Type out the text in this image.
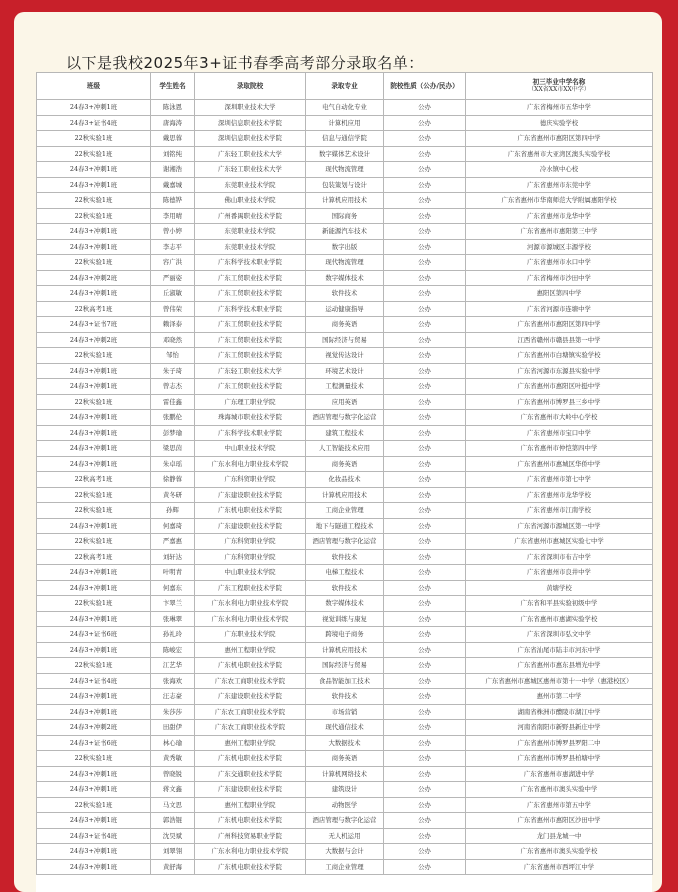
以下是我校2025年3+证书春季高考部分录取名单：
班级	学生姓名	录取院校	录取专业	院校性质（公办/民办）	初三毕业中学名称
（XX省XX市XX中学）

24春3+冲刺1班	陈泳恩	深圳职业技术大学	电气自动化专业	公办	广东省梅州市五华中学
24春3+证书4班	唐海涛	深圳信息职业技术学院	计算机应用	公办	德庆实验学校
22秋实验1班	戴思蓉	深圳信息职业技术学院	信息与通信学院	公办	广东省惠州市惠阳区第四中学
22秋实验1班	刘铭纯	广东轻工职业技术大学	数字媒体艺术设计	公办	广东省惠州市大亚湾区澳头实验学校
24春3+冲刺1班	谢湘浩	广东轻工职业技术大学	现代物流管理	公办	冷水镇中心校
24春3+冲刺1班	戴嘉城	东莞职业技术学院	包装策划与设计	公办	广东省惠州市东莞中学
22秋实验1班	陈德铧	佛山职业技术学院	计算机应用技术	公办	广东省惠州市华南师范大学附属惠阳学校
22秋实验1班	李用晴	广州番禺职业技术学院	国际商务	公办	广东省惠州市龙华中学
24春3+冲刺1班	曾小婷	东莞职业技术学院	新能源汽车技术	公办	广东省惠州市惠阳第三中学
24春3+冲刺1班	李志平	东莞职业技术学院	数字出版	公办	河源市源城区丰源学校
22秋实验1班	容广洪	广东科学技术职业学院	现代物流管理	公办	广东省惠州市水口中学
24春3+冲刺2班	严丽姿	广东工贸职业技术学院	数字媒体技术	公办	广东省梅州市沙田中学
24春3+冲刺1班	丘淑敏	广东工贸职业技术学院	软件技术	公办	惠阳区第四中学
22秋高考1班	曾伟荣	广东科学技术职业学院	运动健康指导	公办	广东省河源市连塘中学
24春3+证书7班	赖泽泰	广东工贸职业技术学院	商务英语	公办	广东省惠州市惠阳区第四中学
24春3+冲刺2班	邓晓然	广东工贸职业技术学院	国际经济与贸易	公办	江西省赣州市赣县县第一中学
22秋实验1班	邹怡	广东工贸职业技术学院	视觉传达设计	公办	广东省惠州市白塘镇实验学校
24春3+冲刺1班	朱子琦	广东轻工职业技术大学	环境艺术设计	公办	广东省河源市东源县实验中学
24春3+冲刺1班	曾志杰	广东工贸职业技术学院	工程测量技术	公办	广东省惠州市惠阳区叶挺中学
22秋实验1班	雷佳鑫	广东理工职业学院	应用英语	公办	广东省惠州市博罗县三乡中学
24春3+冲刺1班	张鹏伦	珠海城市职业技术学院	酒店管理与数字化运营	公办	广东省惠州市大岭中心学校
24春3+冲刺1班	彭梦瑜	广东科学技术职业学院	建筑工程技术	公办	广东省惠州市宝口中学
24春3+冲刺1班	梁思茵	中山职业技术学院	人工智能技术应用	公办	广东省惠州市仲恺第四中学
24春3+冲刺1班	朱卓瑶	广东水利电力职业技术学院	商务英语	公办	广东省惠州市惠城区华侨中学
22秋高考1班	徐静蓉	广东科贸职业学院	化妆品技术	公办	广东省惠州市第七中学
22秋实验1班	黄冬研	广东建设职业技术学院	计算机应用技术	公办	广东省惠州市龙华学校
22秋实验1班	孙辉	广东机电职业技术学院	工商企业管理	公办	广东省惠州市江南学校
24春3+冲刺1班	何嘉琦	广东建设职业技术学院	地下与隧道工程技术	公办	广东省河源市源城区第一中学
22秋实验1班	严嘉惠	广东科贸职业学院	酒店管理与数字化运营	公办	广东省惠州市惠城区实验七中学
22秋高考1班	刘轩达	广东科贸职业学院	软件技术	公办	广东省深圳市布吉中学
24春3+冲刺1班	叶明青	中山职业技术学院	电梯工程技术	公办	广东省惠州市良井中学
24春3+冲刺1班	何嘉东	广东工程职业技术学院	软件技术	公办	黄塘学校
22秋实验1班	卞翠兰	广东水利电力职业技术学院	数字媒体技术	公办	广东省和平县实验初级中学
24春3+冲刺1班	张琳翠	广东水利电力职业技术学院	视觉训练与康复	公办	广东省惠州市惠湖实验学校
24春3+证书6班	孙礼玲	广东职业技术学院	跨境电子商务	公办	广东省深圳市弘文中学
24春3+冲刺1班	陈峻宏	惠州工程职业学院	计算机应用技术	公办	广东省汕尾市陆丰市河东中学
22秋实验1班	江艺华	广东机电职业技术学院	国际经济与贸易	公办	广东省惠州市惠东县增光中学
24春3+证书4班	张海欢	广东农工商职业技术学院	食品智能加工技术	公办	广东省惠州市惠城区惠州市第十一中学（惠港校区）
24春3+冲刺1班	汪志豪	广东建设职业技术学院	软件技术	公办	惠州市第二中学
24春3+冲刺1班	朱莎莎	广东农工商职业技术学院	市场营销	公办	湖南省株洲市醴陵市湖江中学
24春3+冲刺2班	田甜伊	广东农工商职业技术学院	现代通信技术	公办	河南省南阳市新野县新庄中学
24春3+证书6班	林心瑜	惠州工程职业学院	大数据技术	公办	广东省惠州市博罗县罗阳二中
22秋实验1班	黄秀敏	广东机电职业技术学院	商务英语	公办	广东省惠州市博罗县柏塘中学
24春3+冲刺1班	曾晓锐	广东交通职业技术学院	计算机网络技术	公办	广东省惠州市惠湖进中学
24春3+冲刺1班	蒋文鑫	广东建设职业技术学院	建筑设计	公办	广东省惠州市澳头实验中学
22秋实验1班	马文思	惠州工程职业学院	动物医学	公办	广东省惠州市第五中学
24春3+冲刺1班	郭浩锟	广东机电职业技术学院	酒店管理与数字化运营	公办	广东省惠州市惠阳区沙田中学
24春3+证书4班	沈昊斌	广州科技贸易职业学院	无人机运用	公办	龙门县龙城一中
24春3+冲刺1班	刘翠翎	广东水利电力职业技术学院	大数据与会计	公办	广东省惠州市澳头实验学校
24春3+冲刺1班	黄舒海	广东机电职业技术学院	工商企业管理	公办	广东省惠州市西坪江中学
